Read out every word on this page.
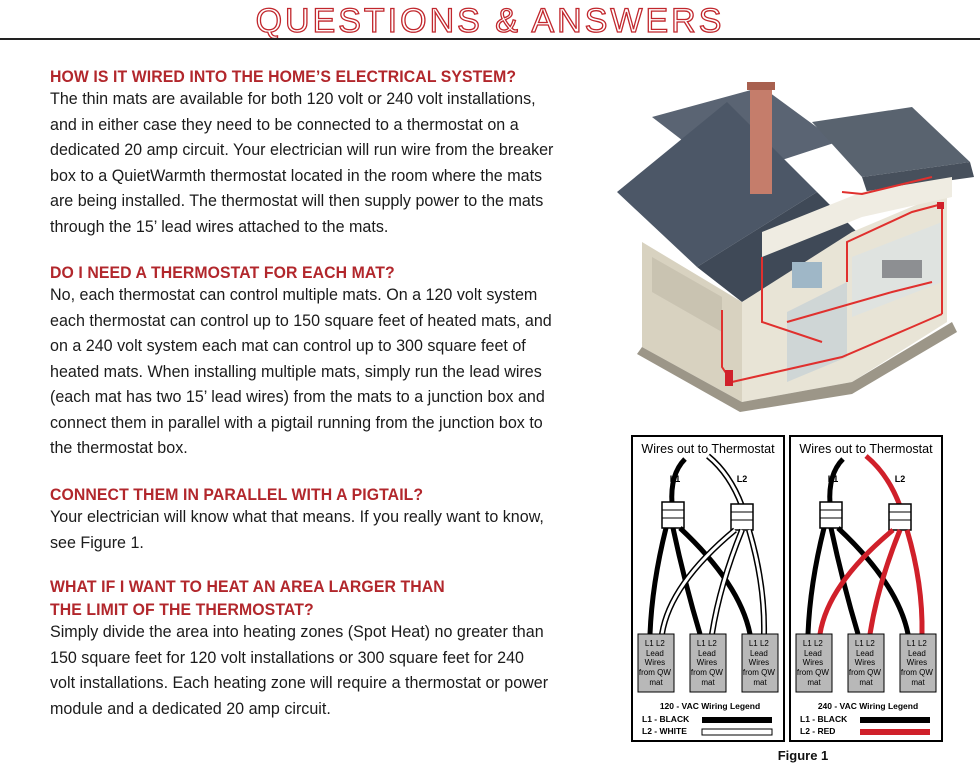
QUESTIONS & ANSWERS
HOW IS IT WIRED INTO THE HOME’S ELECTRICAL SYSTEM?
The thin mats are available for both 120 volt or 240 volt installations,
and in either case they need to be connected to a thermostat on a
dedicated 20 amp circuit. Your electrician will run wire from the breaker
box to a QuietWarmth thermostat located in the room where the mats
are being installed. The thermostat will then supply power to the mats
through the 15’ lead wires attached to the mats.
DO I NEED A THERMOSTAT FOR EACH MAT?
No, each thermostat can control multiple mats. On a 120 volt system
each thermostat can control up to 150 square feet of heated mats, and
on a 240 volt system each mat can control up to 300 square feet of
heated mats. When installing multiple mats, simply run the lead wires
(each mat has two 15’ lead wires) from the mats to a junction box and
connect them in parallel with a pigtail running from the junction box to
the thermostat box.
CONNECT THEM IN PARALLEL WITH A PIGTAIL?
Your electrician will know what that means. If you really want to know,
see Figure 1.
WHAT IF I WANT TO HEAT AN AREA LARGER THAN
THE LIMIT OF THE THERMOSTAT?
Simply divide the area into heating zones (Spot Heat) no greater than
150 square feet for 120 volt installations or 300 square feet for 240
volt installations. Each heating zone will require a thermostat or power
module and a dedicated 20 amp circuit.
Wires out to Thermostat
L1	L2
L1 L2 Lead Wires from QW mat
L1 L2 Lead Wires from QW mat
L1 L2 Lead Wires from QW mat
120 - VAC Wiring Legend
L1 - BLACK
L2 - WHITE
Wires out to Thermostat
L1	L2
L1 L2 Lead Wires from QW mat
L1 L2 Lead Wires from QW mat
L1 L2 Lead Wires from QW mat
240 - VAC Wiring Legend
L1 - BLACK
L2 - RED
Figure 1
